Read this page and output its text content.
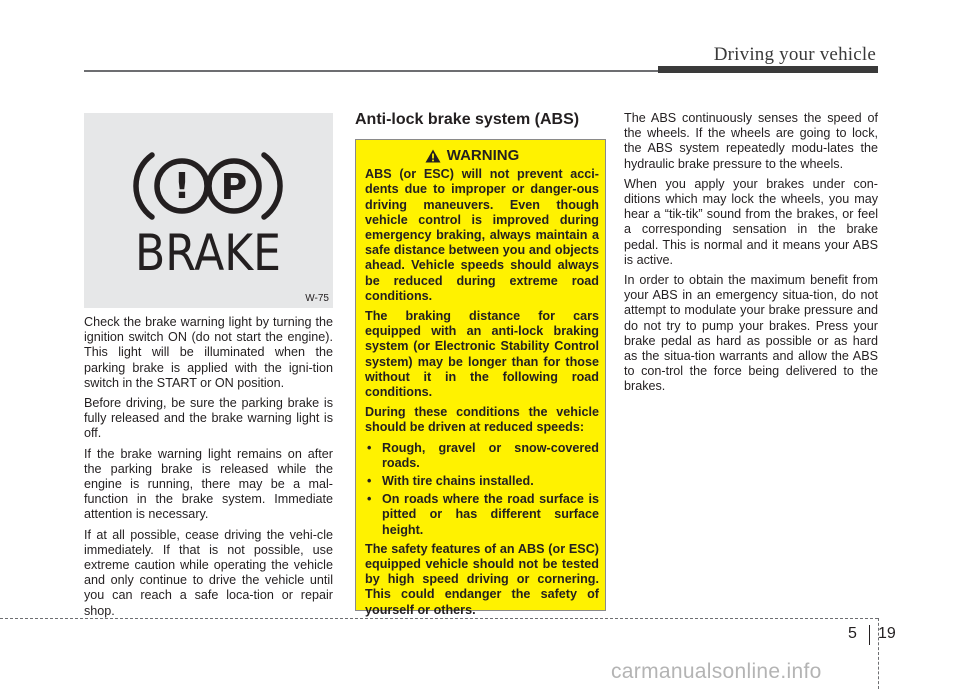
Driving your vehicle
! P
BRAKE
W-75

Check the brake warning light by turning the ignition switch ON (do not start the engine). This light will be illuminated when the parking brake is applied with the igni-tion switch in the START or ON position.

Before driving, be sure the parking brake is fully released and the brake warning light is off.

If the brake warning light remains on after the parking brake is released while the engine is running, there may be a mal-function in the brake system. Immediate attention is necessary.

If at all possible, cease driving the vehi-cle immediately. If that is not possible, use extreme caution while operating the vehicle and only continue to drive the vehicle until you can reach a safe loca-tion or repair shop.

Anti-lock brake system (ABS)
WARNING

ABS (or ESC) will not prevent acci-dents due to improper or danger-ous driving maneuvers. Even though vehicle control is improved during emergency braking, always maintain a safe distance between you and objects ahead. Vehicle speeds should always be reduced during extreme road conditions.

The braking distance for cars equipped with an anti-lock braking system (or Electronic Stability Control system) may be longer than for those without it in the following road conditions.

During these conditions the vehicle should be driven at reduced speeds:

• Rough, gravel or snow-covered roads.
• With tire chains installed.
• On roads where the road surface is pitted or has different surface height.

The safety features of an ABS (or ESC) equipped vehicle should not be tested by high speed driving or cornering. This could endanger the safety of yourself or others.

The ABS continuously senses the speed of the wheels. If the wheels are going to lock, the ABS system repeatedly modu-lates the hydraulic brake pressure to the wheels.

When you apply your brakes under con-ditions which may lock the wheels, you may hear a “tik-tik” sound from the brakes, or feel a corresponding sensation in the brake pedal. This is normal and it means your ABS is active.

In order to obtain the maximum benefit from your ABS in an emergency situa-tion, do not attempt to modulate your brake pressure and do not try to pump your brakes. Press your brake pedal as hard as possible or as hard as the situa-tion warrants and allow the ABS to con-trol the force being delivered to the brakes.

5 19
carmanualsonline.info
